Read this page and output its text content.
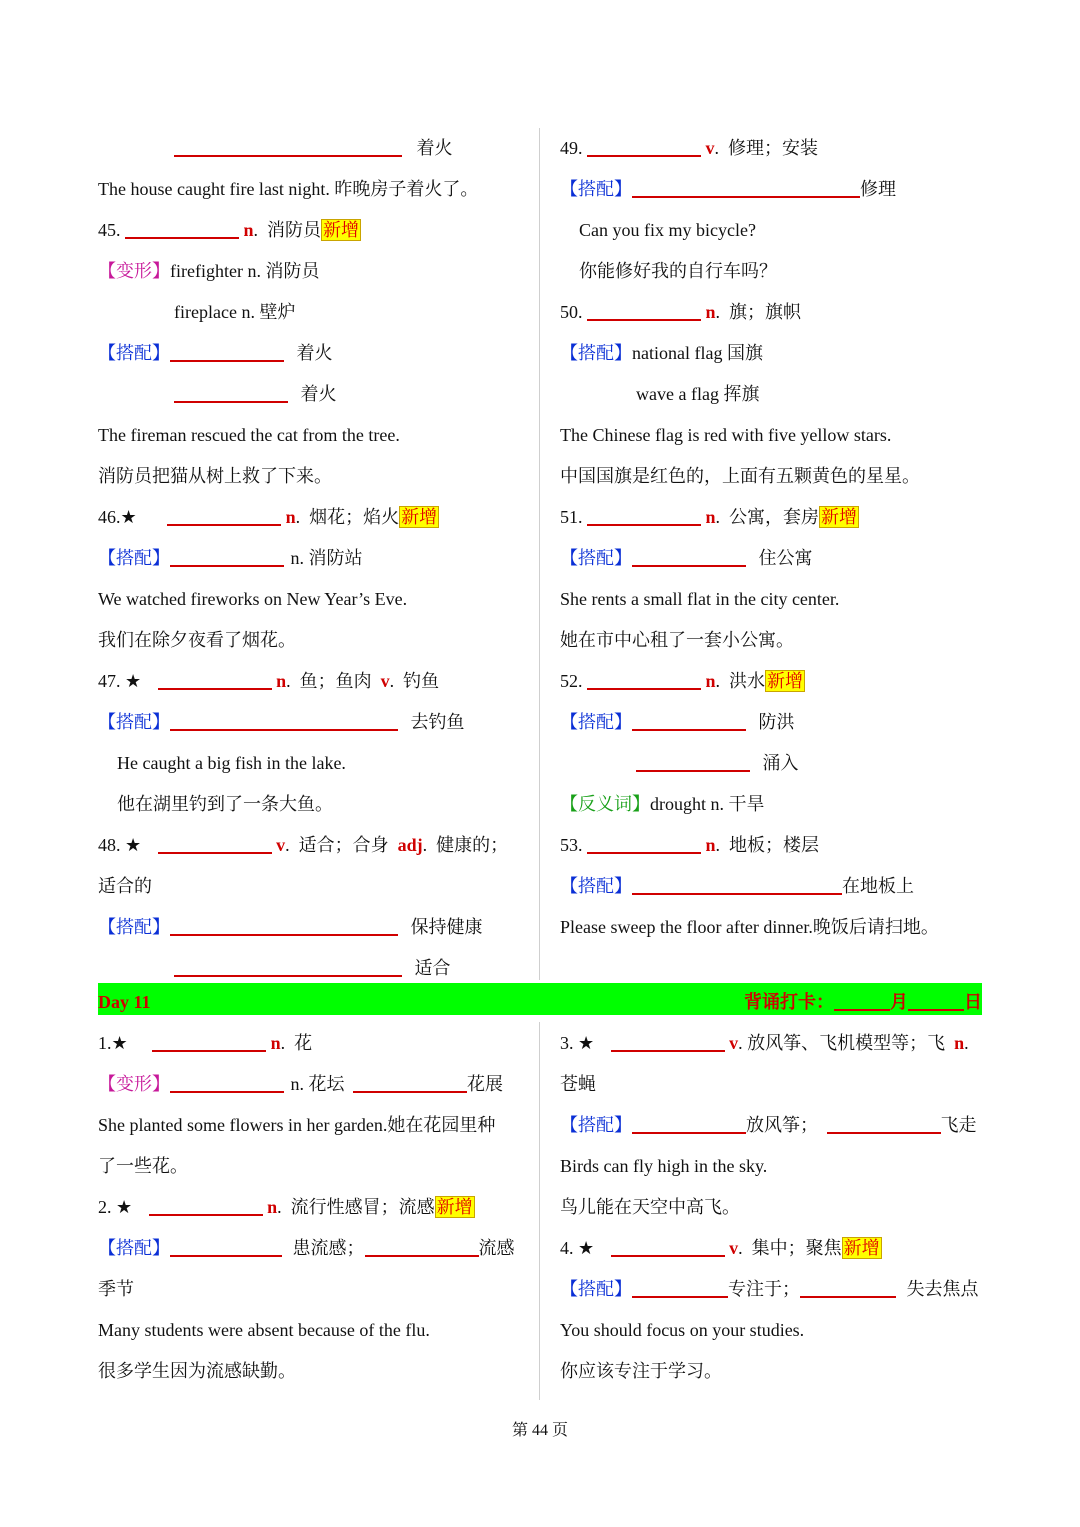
着火
The house caught fire last night. 昨晚房子着火了。
45.	n.  消防员 新增
【变形】firefighter n. 消防员
fireplace n. 壁炉
【搭配】	着火
着火
The fireman rescued the cat from the tree.
消防员把猫从树上救了下来。
46.★	n.  烟花；焰火 新增
【搭配】	n. 消防站
We watched fireworks on New Year’s Eve.
我们在除夕夜看了烟花。
47. ★	n.  鱼；鱼肉 v.  钓鱼
【搭配】	去钓鱼
He caught a big fish in the lake.
他在湖里钓到了一条大鱼。
48. ★	v.  适合；合身 adj.  健康的；
适合的
【搭配】	保持健康
适合
49.	v.  修理；安装
【搭配】	修理
Can you fix my bicycle?
你能修好我的自行车吗？
50.	n.  旗；旗帜
【搭配】national flag 国旗
wave a flag 挥旗
The Chinese flag is red with five yellow stars.
中国国旗是红色的，上面有五颗黄色的星星。
51.	n.  公寓，套房 新增
【搭配】	住公寓
She rents a small flat in the city center.
她在市中心租了一套小公寓。
52.	n.  洪水 新增
【搭配】	防洪
涌入
【反义词】drought n. 干旱
53.	n.  地板；楼层
【搭配】	在地板上
Please sweep the floor after dinner.晚饭后请扫地。
Day 11	背诵打卡：	月	日
1.★	n.  花
【变形】	n. 花坛	花展
She planted some flowers in her garden.她在花园里种
了一些花。
2. ★	n.  流行性感冒；流感 新增
【搭配】	患流感；	流感
季节
Many students were absent because of the flu.
很多学生因为流感缺勤。
3. ★	v. 放风筝、飞机模型等；飞 n.
苍蝇
【搭配】	放风筝；	飞走
Birds can fly high in the sky.
鸟儿能在天空中高飞。
4. ★	v.  集中；聚焦 新增
【搭配】	专注于；	失去焦点
You should focus on your studies.
你应该专注于学习。
第 44 页
